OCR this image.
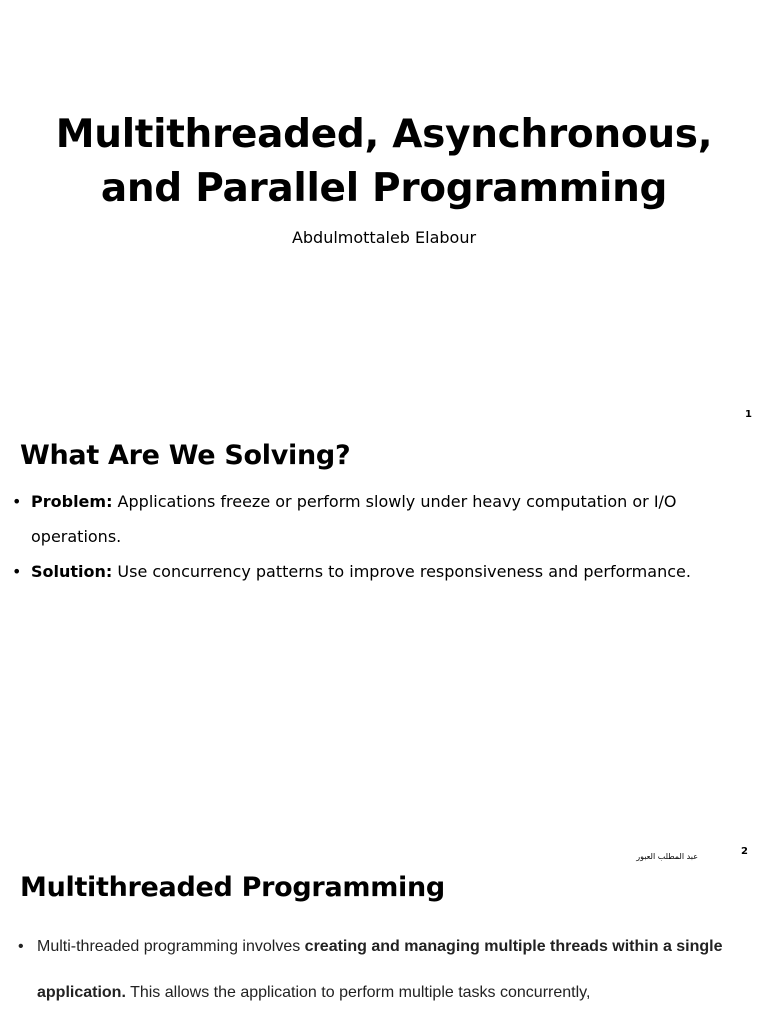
Multithreaded, Asynchronous,
and Parallel Programming
Abdulmottaleb Elabour
1
What Are We Solving?
• Problem: Applications freeze or perform slowly under heavy computation or I/O operations.
• Solution: Use concurrency patterns to improve responsiveness and performance.
عبد المطلب العبور	2
Multithreaded Programming
• Multi-threaded programming involves creating and managing multiple threads within a single application. This allows the application to perform multiple tasks concurrently,
